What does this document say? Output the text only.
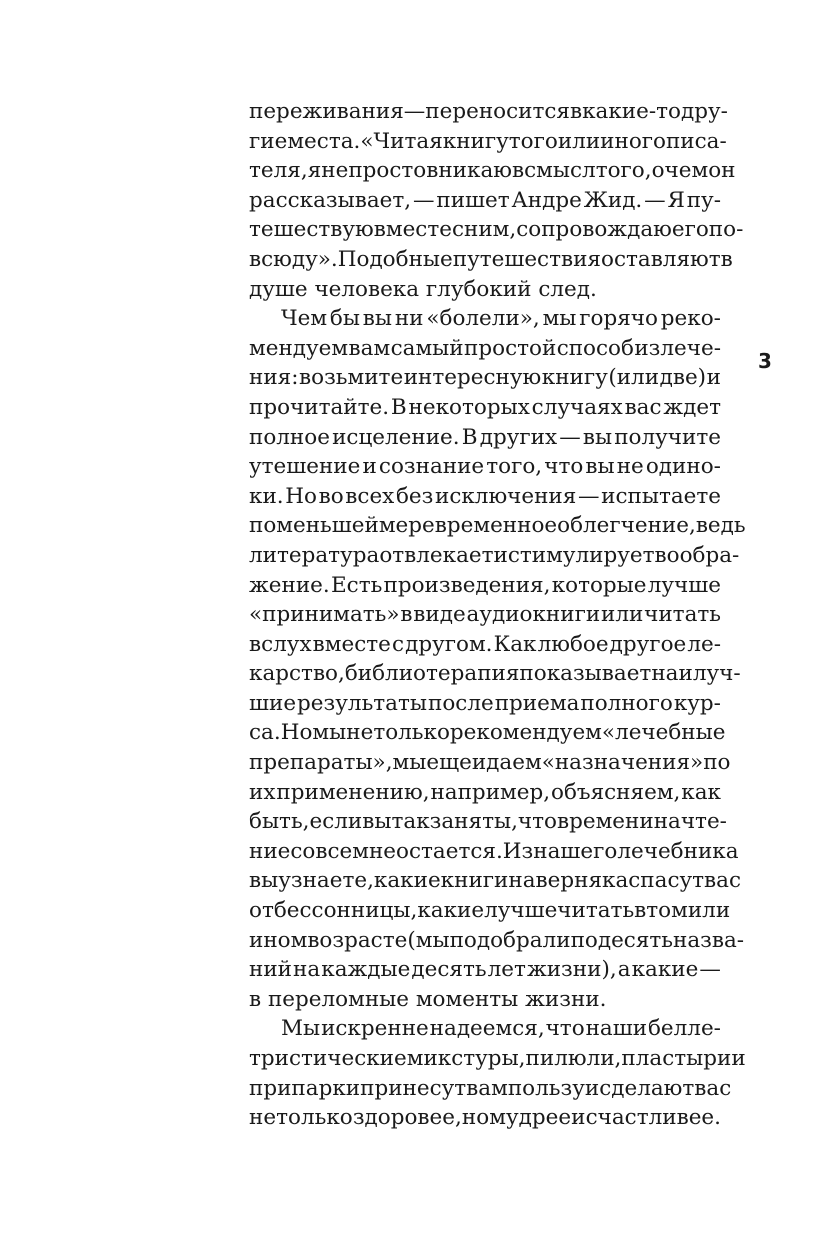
переживания — переносится в какие-то дру-
гие места. «Читая книгу того или иного писа-
теля, я не просто вникаю в смысл того, о чем он
рассказывает, — пишет Андре Жид. — Я пу-
тешествую вместе с ним, сопровождаю его по-
всюду». Подобные путешествия оставляют в
душе человека глубокий след.
Чем бы вы ни «болели», мы горячо реко-
мендуем вам самый простой способ излече-
ния: возьмите интересную книгу (или две) и
прочитайте. В некоторых случаях вас ждет
полное исцеление. В других — вы получите
утешение и сознание того, что вы не одино-
ки. Но во всех без исключения — испытаете
по меньшей мере временное облегчение, ведь
литература отвлекает и стимулирует вообра-
жение. Есть произведения, которые лучше
«принимать» в виде аудиокниги или читать
вслух вместе с другом. Как любое другое ле-
карство, библиотерапия показывает наилуч-
шие результаты после приема полного кур-
са. Но мы не только рекомендуем «лечебные
препараты», мы еще и даем «назначения» по
их применению, например, объясняем, как
быть, если вы так заняты, что времени на чте-
ние совсем не остается. Из нашего лечебника
вы узнаете, какие книги наверняка спасут вас
от бессонницы, какие лучше читать в том или
ином возрасте (мы подобрали по десять назва-
ний на каждые десять лет жизни), а какие —
в переломные моменты жизни.
Мы искренне надеемся, что наши белле-
тристические микстуры, пилюли, пластыри и
припарки принесут вам пользу и сделают вас
не только здоровее, но мудрее и счастливее.
3
